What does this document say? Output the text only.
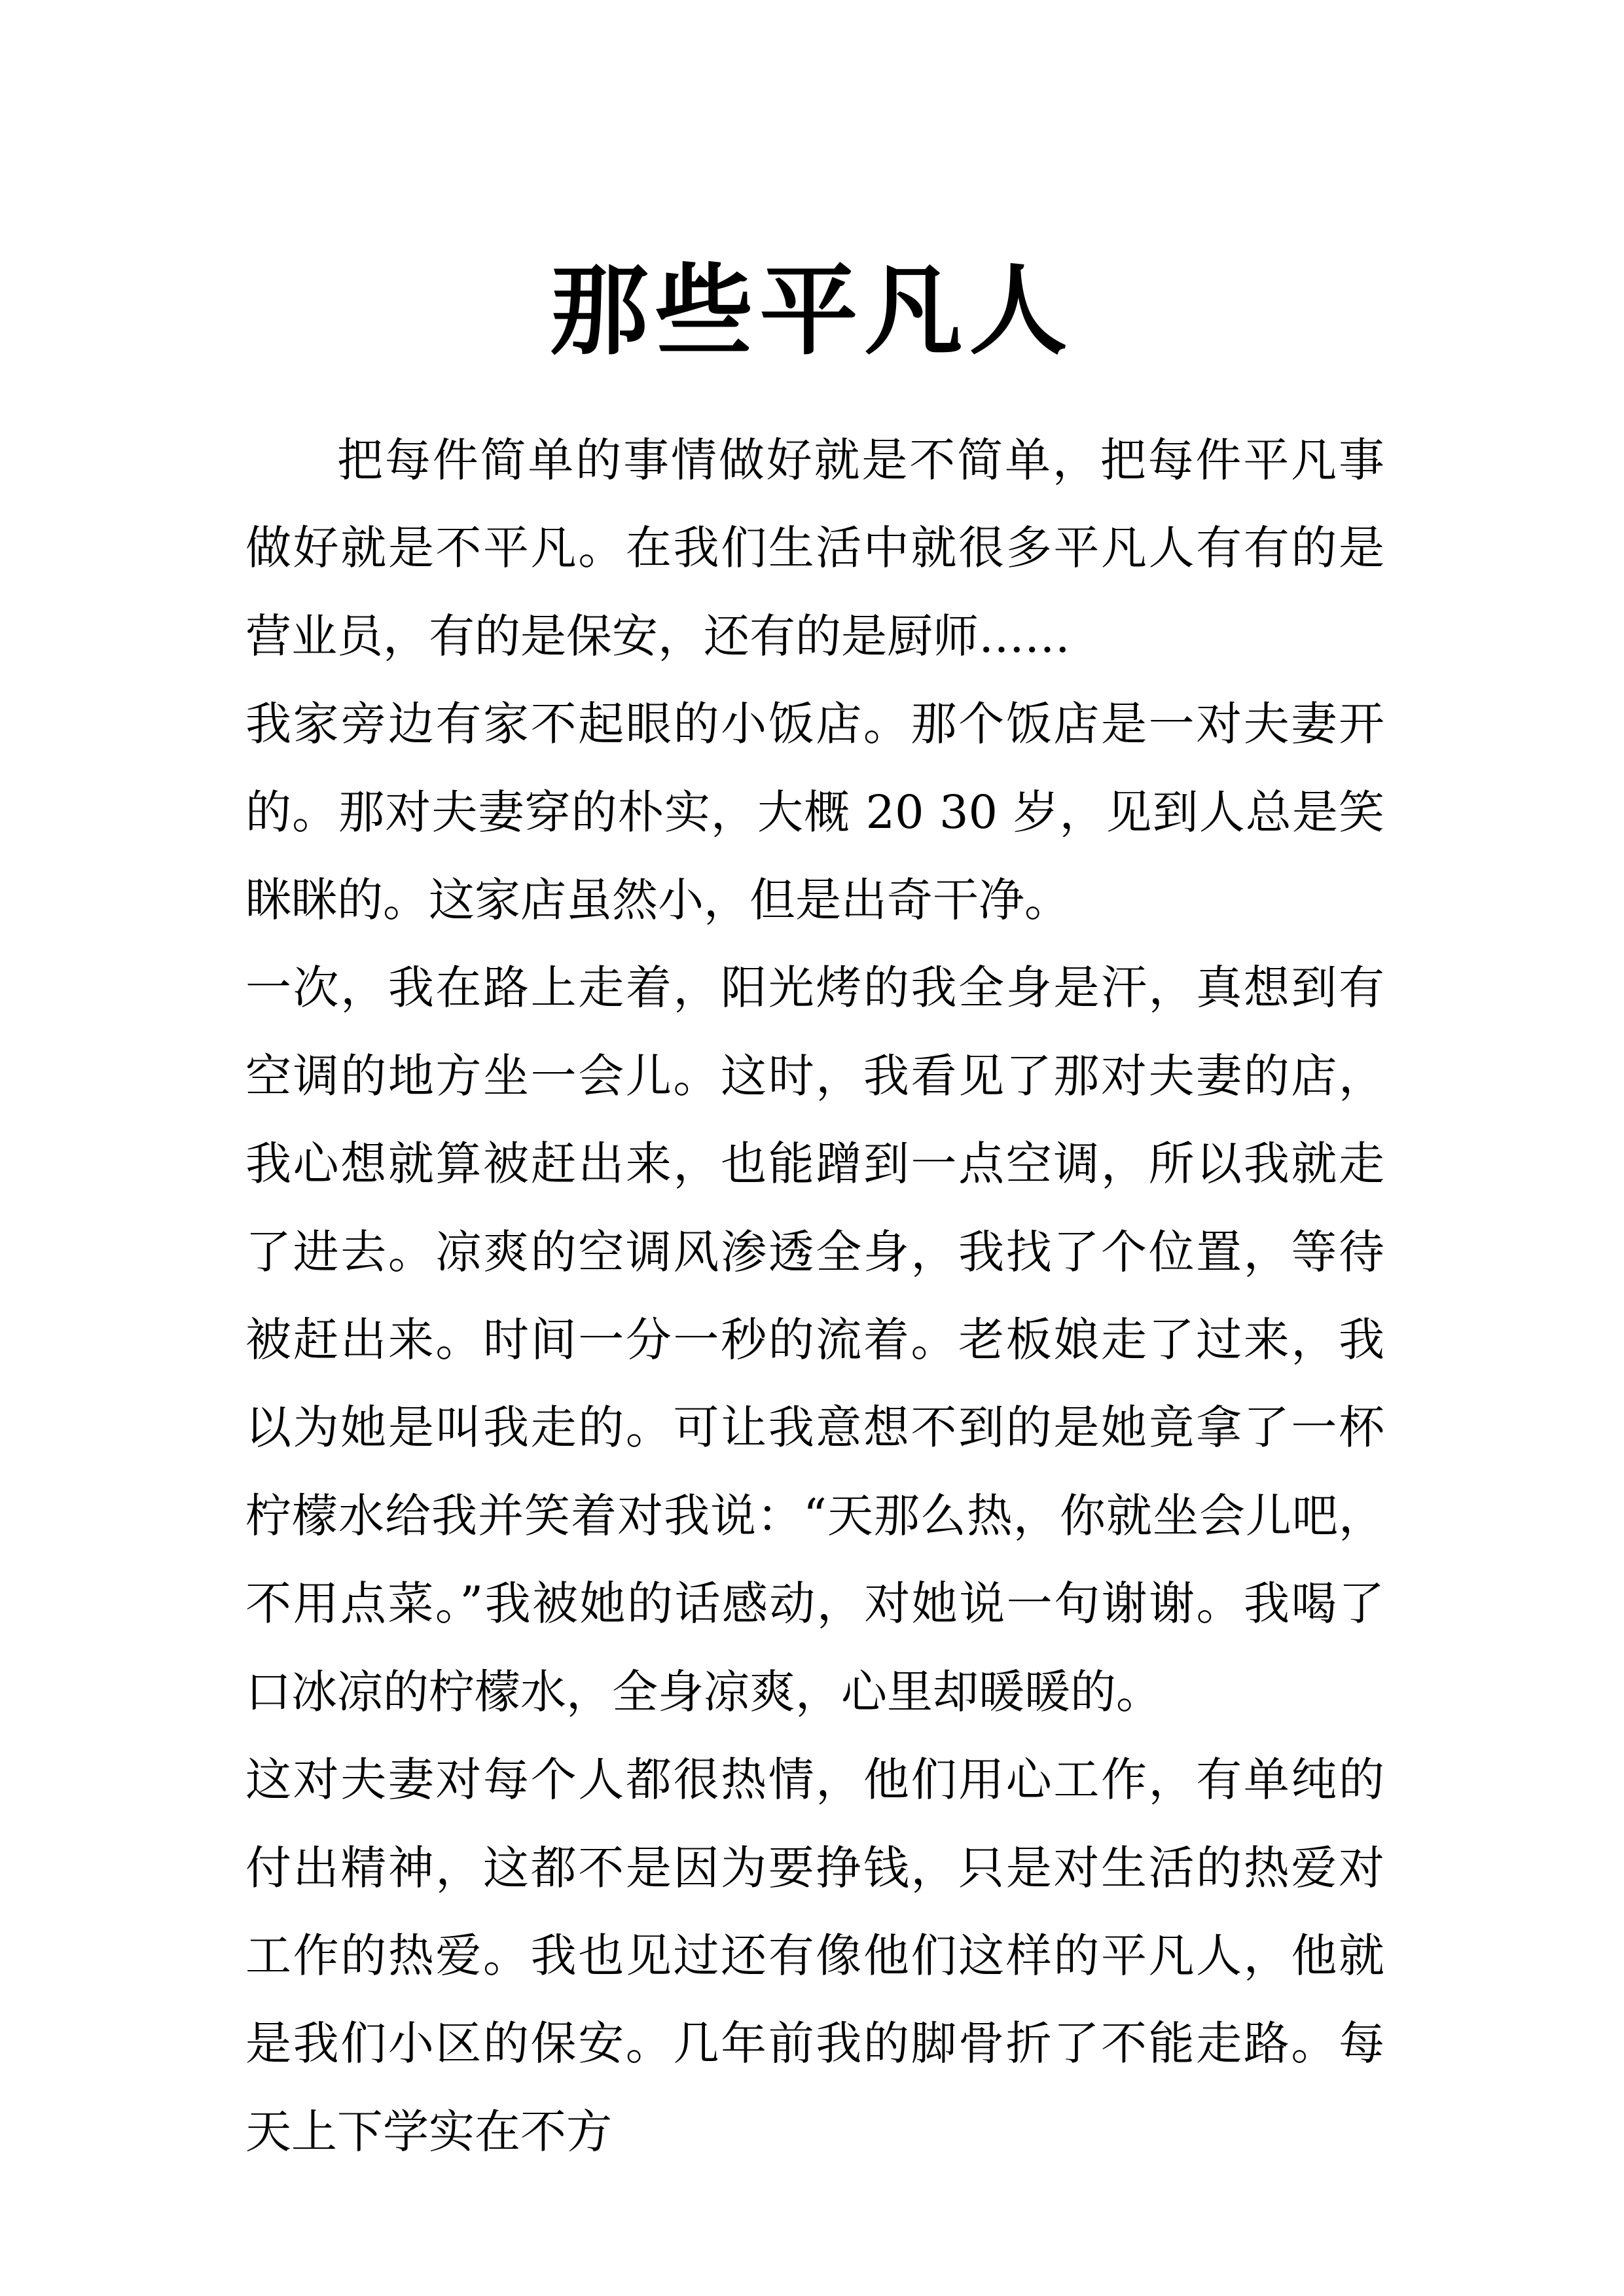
那些平凡人

把每件简单的事情做好就是不简单，把每件平凡事做好就是不平凡。在我们生活中就很多平凡人有有的是营业员，有的是保安，还有的是厨师……

我家旁边有家不起眼的小饭店。那个饭店是一对夫妻开的。那对夫妻穿的朴实，大概 20 30 岁，见到人总是笑眯眯的。这家店虽然小，但是出奇干净。

一次，我在路上走着，阳光烤的我全身是汗，真想到有空调的地方坐一会儿。这时，我看见了那对夫妻的店，我心想就算被赶出来，也能蹭到一点空调，所以我就走了进去。凉爽的空调风渗透全身，我找了个位置，等待被赶出来。时间一分一秒的流着。老板娘走了过来，我以为她是叫我走的。可让我意想不到的是她竟拿了一杯柠檬水给我并笑着对我说：“天那么热，你就坐会儿吧，不用点菜。”我被她的话感动，对她说一句谢谢。我喝了口冰凉的柠檬水，全身凉爽，心里却暖暖的。

这对夫妻对每个人都很热情，他们用心工作，有单纯的付出精神，这都不是因为要挣钱，只是对生活的热爱对工作的热爱。我也见过还有像他们这样的平凡人，他就是我们小区的保安。几年前我的脚骨折了不能走路。每天上下学实在不方
